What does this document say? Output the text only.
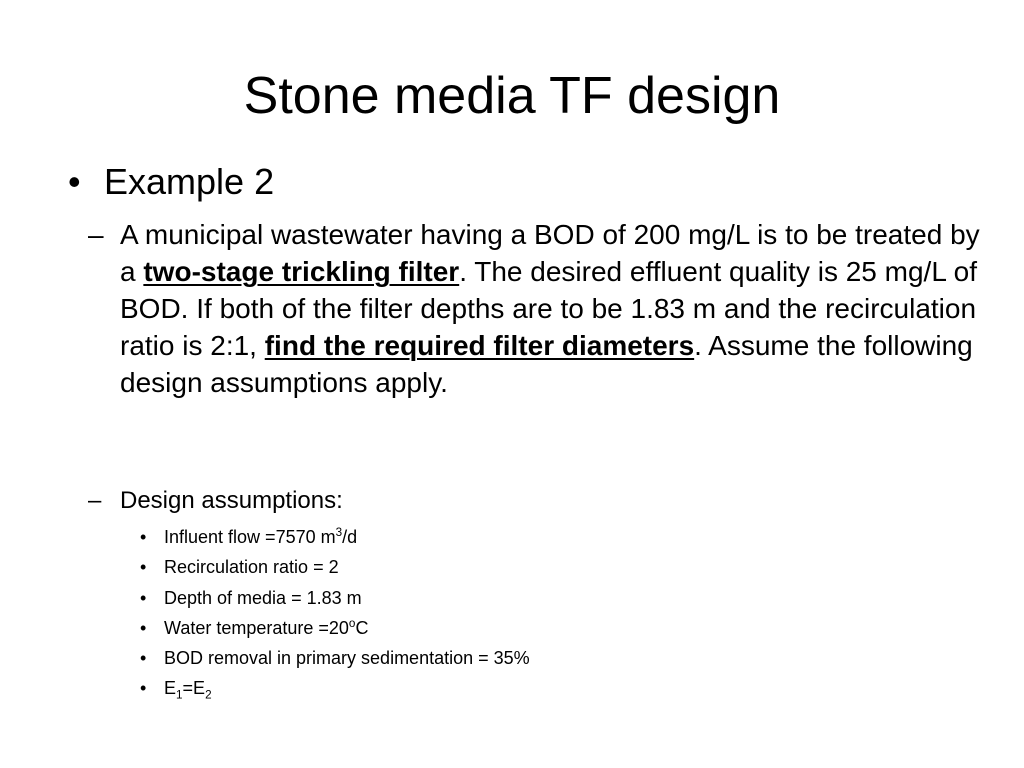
Stone media TF design
• Example 2
– A municipal wastewater having a BOD of 200 mg/L is to be treated by a two-stage trickling filter. The desired effluent quality is 25 mg/L of BOD. If both of the filter depths are to be 1.83 m and the recirculation ratio is 2:1, find the required filter diameters. Assume the following design assumptions apply.
– Design assumptions:
• Influent flow =7570 $m^3/d$
• Recirculation ratio = 2
• Depth of media = 1.83 m
• Water temperature $=20^oC$
• BOD removal in primary sedimentation = 35%
• $E_1=E_2$
